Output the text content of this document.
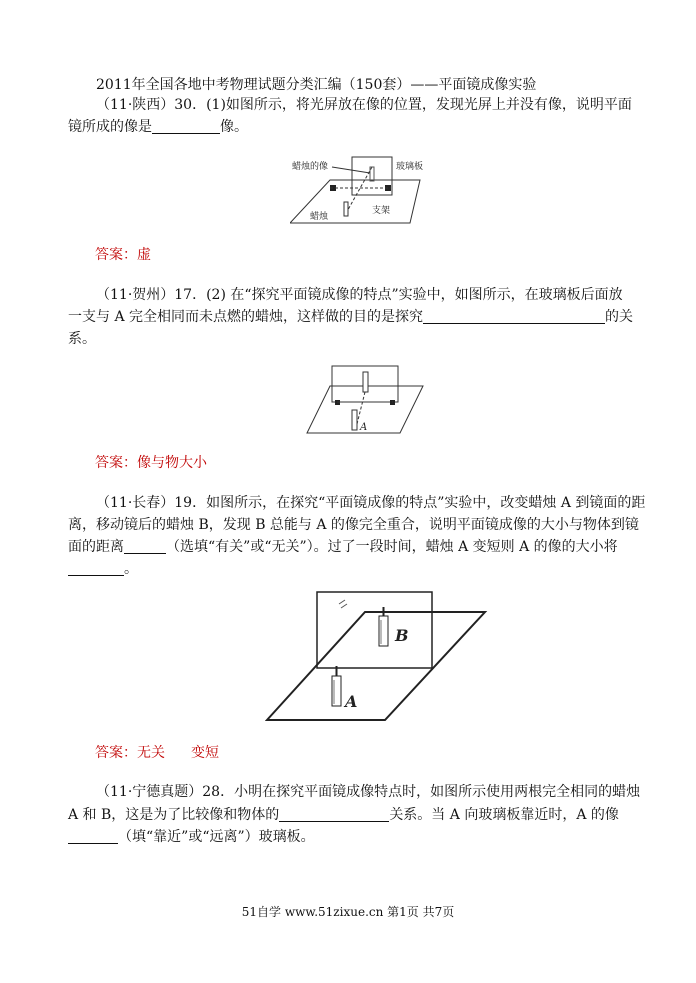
2011年全国各地中考物理试题分类汇编（150套）——平面镜成像实验
（11·陕西）30．(1)如图所示，将光屏放在像的位置，发现光屏上并没有像，说明平面
镜所成的像是	像。
蜡烛的像	玻璃板
蜡烛
支架
答案：虚
（11·贺州）17．(2) 在“探究平面镜成像的特点”实验中，如图所示，在玻璃板后面放
一支与 A 完全相同而未点燃的蜡烛，这样做的目的是探究	的关
系。
A
答案：像与物大小
（11·长春）19．如图所示，在探究“平面镜成像的特点”实验中，改变蜡烛 A 到镜面的距
离，移动镜后的蜡烛 B，发现 B 总能与 A 的像完全重合，说明平面镜成像的大小与物体到镜
面的距离	（选填“有关”或“无关”）。过了一段时间，蜡烛 A 变短则 A 的像的大小将
。
B
A
答案：无关 变短
（11·宁德真题）28．小明在探究平面镜成像特点时，如图所示使用两根完全相同的蜡烛
A 和 B，这是为了比较像和物体的	关系。当 A 向玻璃板靠近时，A 的像
（填“靠近”或“远离”）玻璃板。
51自学 www.51zixue.cn 第1页 共7页
